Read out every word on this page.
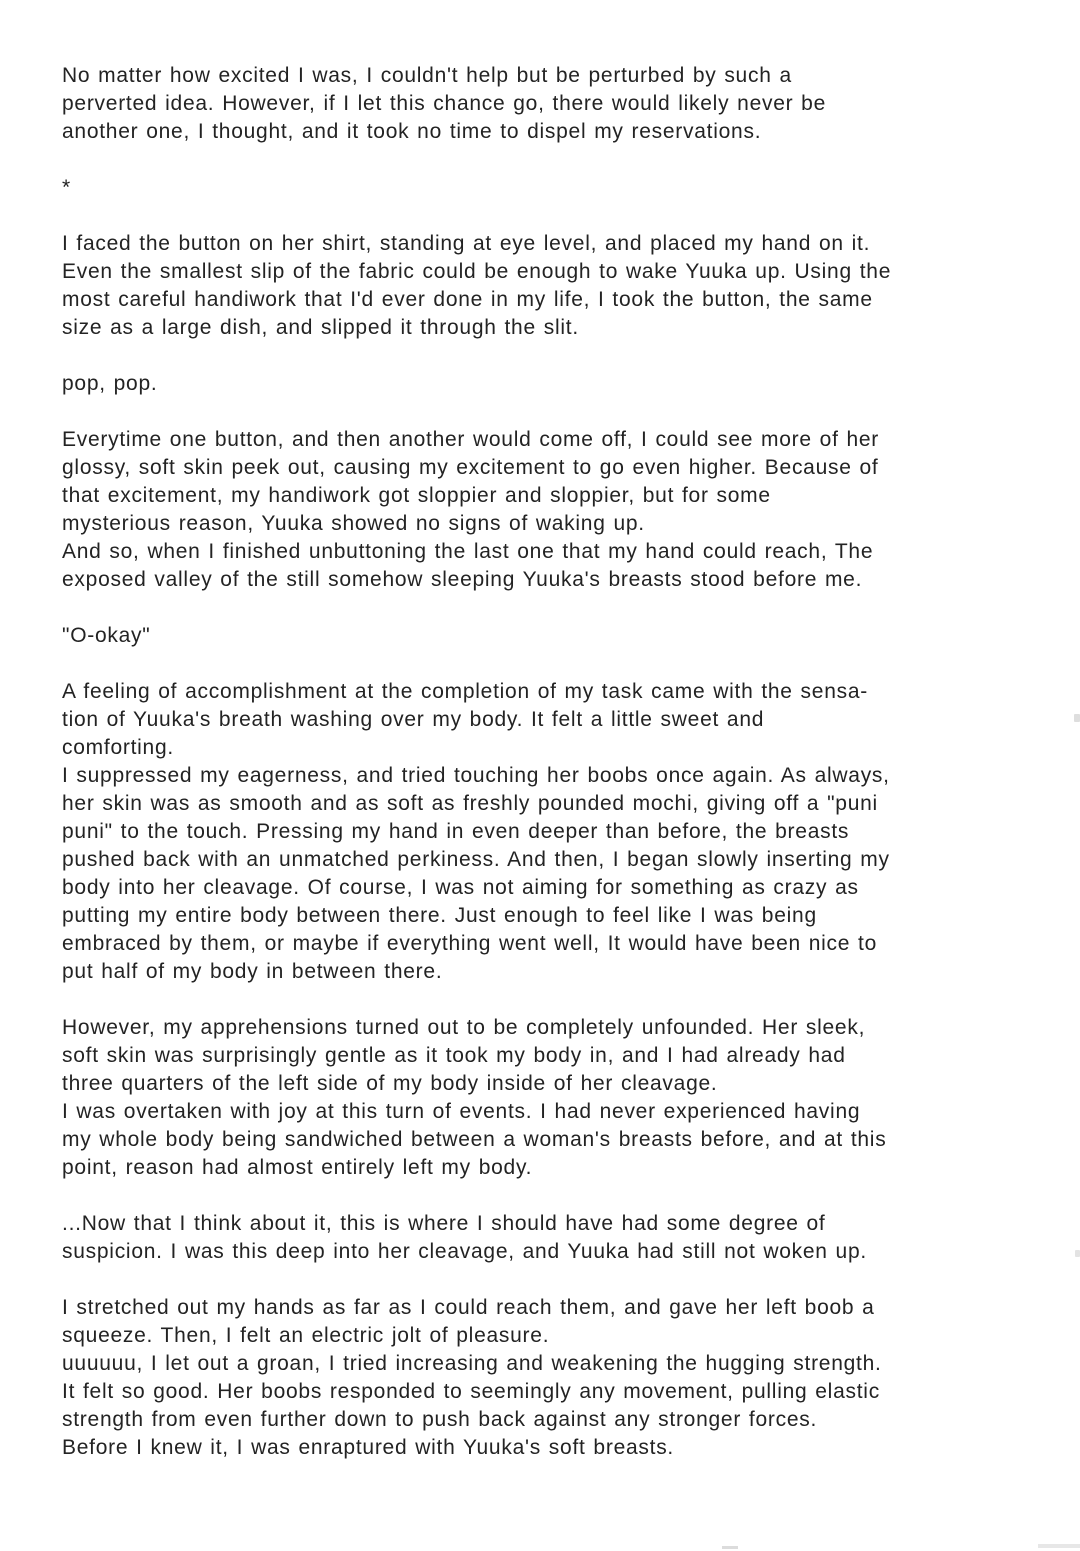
No matter how excited I was, I couldn't help but be perturbed by such a
perverted idea. However, if I let this chance go, there would likely never be
another one, I thought, and it took no time to dispel my reservations.
*
I faced the button on her shirt, standing at eye level, and placed my hand on it.
Even the smallest slip of the fabric could be enough to wake Yuuka up. Using the
most careful handiwork that I'd ever done in my life, I took the button, the same
size as a large dish, and slipped it through the slit.
pop, pop.
Everytime one button, and then another would come off, I could see more of her
glossy, soft skin peek out, causing my excitement to go even higher. Because of
that excitement, my handiwork got sloppier and sloppier, but for some
mysterious reason, Yuuka showed no signs of waking up.
And so, when I finished unbuttoning the last one that my hand could reach, The
exposed valley of the still somehow sleeping Yuuka's breasts stood before me.
"O-okay"
A feeling of accomplishment at the completion of my task came with the sensa-
tion of Yuuka's breath washing over my body. It felt a little sweet and
comforting.
I suppressed my eagerness, and tried touching her boobs once again. As always,
her skin was as smooth and as soft as freshly pounded mochi, giving off a "puni
puni" to the touch. Pressing my hand in even deeper than before, the breasts
pushed back with an unmatched perkiness. And then, I began slowly inserting my
body into her cleavage. Of course, I was not aiming for something as crazy as
putting my entire body between there. Just enough to feel like I was being
embraced by them, or maybe if everything went well, It would have been nice to
put half of my body in between there.
However, my apprehensions turned out to be completely unfounded. Her sleek,
soft skin was surprisingly gentle as it took my body in, and I had already had
three quarters of the left side of my body inside of her cleavage.
I was overtaken with joy at this turn of events. I had never experienced having
my whole body being sandwiched between a woman's breasts before, and at this
point, reason had almost entirely left my body.
...Now that I think about it, this is where I should have had some degree of
suspicion. I was this deep into her cleavage, and Yuuka had still not woken up.
I stretched out my hands as far as I could reach them, and gave her left boob a
squeeze. Then, I felt an electric jolt of pleasure.
uuuuuu, I let out a groan, I tried increasing and weakening the hugging strength.
It felt so good. Her boobs responded to seemingly any movement, pulling elastic
strength from even further down to push back against any stronger forces.
Before I knew it, I was enraptured with Yuuka's soft breasts.
